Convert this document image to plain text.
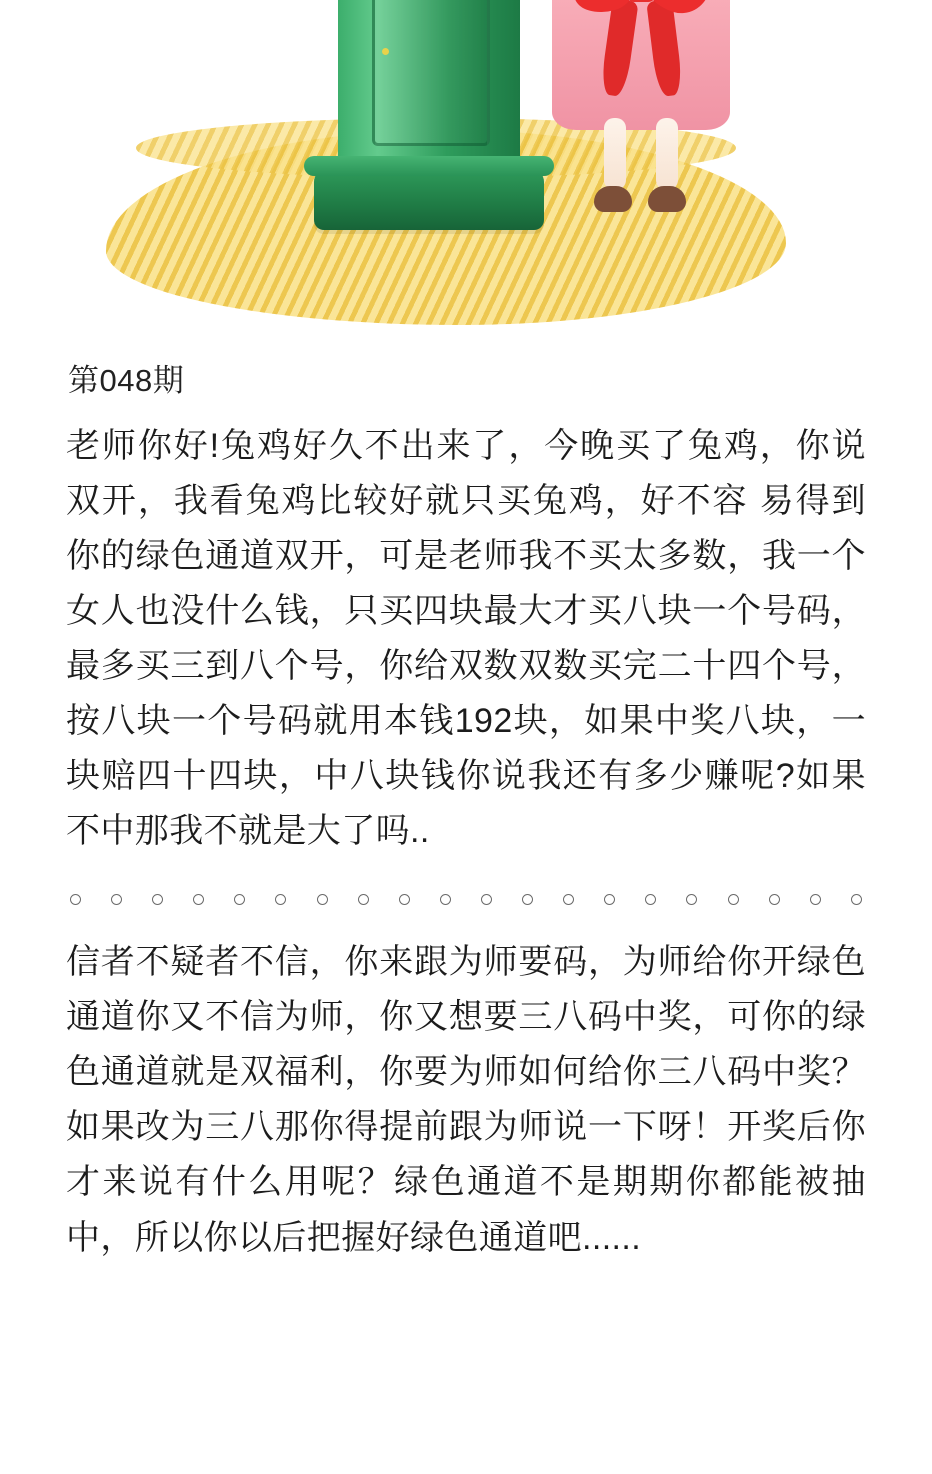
第048期

老师你好!兔鸡好久不出来了，今晚买了兔鸡，你说双开，我看兔鸡比较好就只买兔鸡，好不容 易得到你的绿色通道双开，可是老师我不买太多数，我一个女人也没什么钱，只买四块最大才买八块一个号码，最多买三到八个号，你给双数双数买完二十四个号，按八块一个号码就用本钱192块，如果中奖八块，一块赔四十四块，中八块钱你说我还有多少赚呢?如果不中那我不就是大了吗..

信者不疑者不信，你来跟为师要码，为师给你开绿色通道你又不信为师，你又想要三八码中奖，可你的绿色通道就是双福利，你要为师如何给你三八码中奖？如果改为三八那你得提前跟为师说一下呀！开奖后你才来说有什么用呢？绿色通道不是期期你都能被抽中，所以你以后把握好绿色通道吧......
